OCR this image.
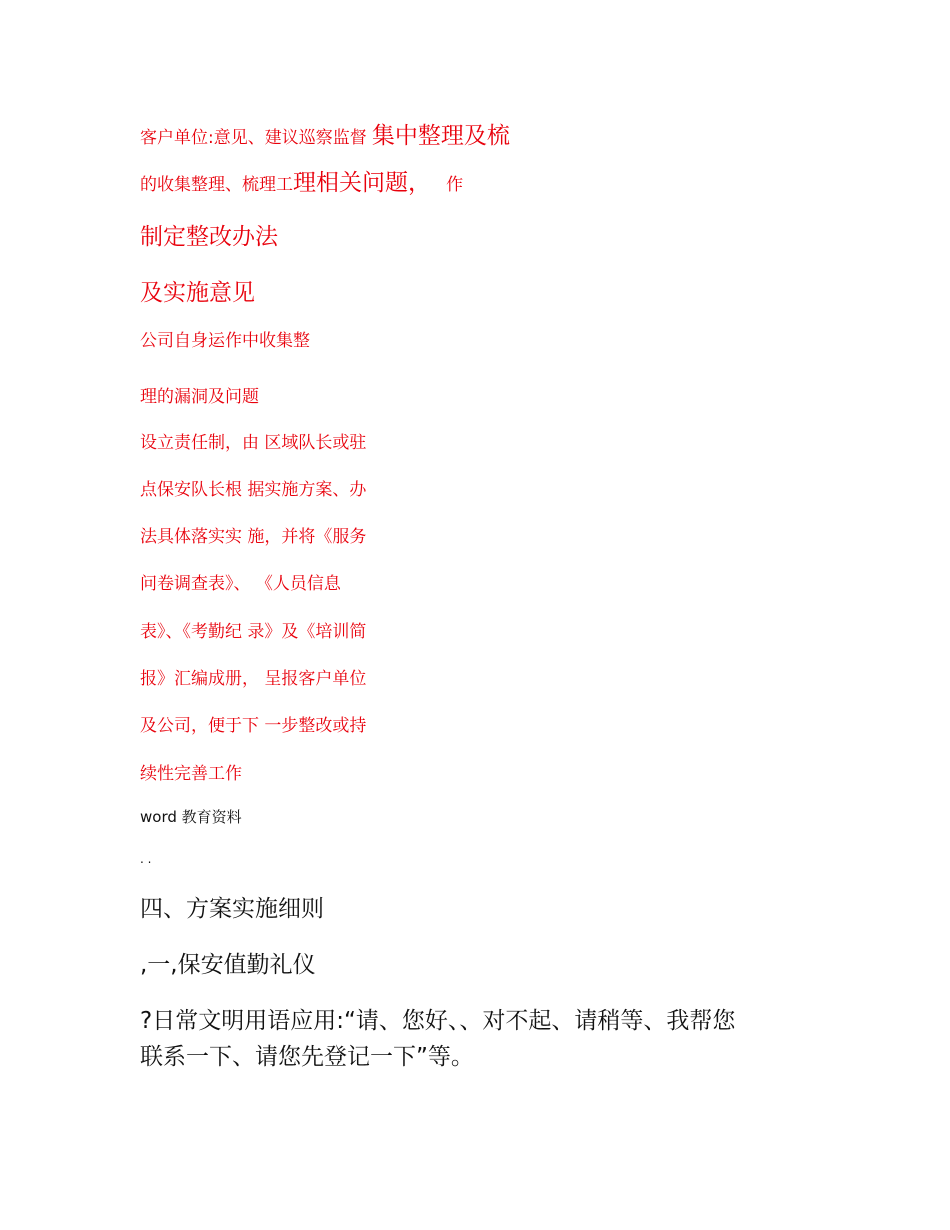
客户单位:意见、建议巡察监督 集中整理及梳
的收集整理、梳理工理相关问题， 作
制定整改办法
及实施意见
公司自身运作中收集整
理的漏洞及问题
设立责任制，由 区域队长或驻
点保安队长根 据实施方案、办
法具体落实实 施，并将《服务
问卷调查表》、 《人员信息
表》、《考勤纪 录》及《培训简
报》汇编成册， 呈报客户单位
及公司，便于下 一步整改或持
续性完善工作
word 教育资料
. .
四、方案实施细则
,一,保安值勤礼仪
?日常文明用语应用:“请、您好、、对不起、请稍等、我帮您
联系一下、请您先登记一下”等。
